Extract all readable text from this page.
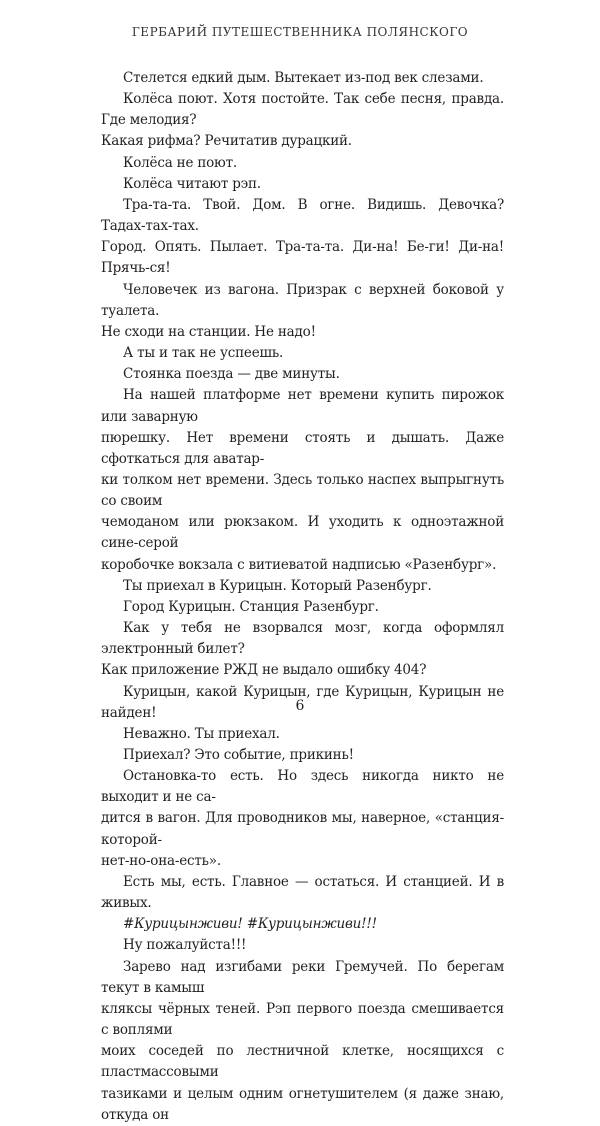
ГЕРБАРИЙ ПУТЕШЕСТВЕННИКА ПОЛЯНСКОГО

Стелется едкий дым. Вытекает из-под век слезами.

Колёса поют. Хотя постойте. Так себе песня, правда. Где мелодия?
Какая рифма? Речитатив дурацкий.

Колёса не поют.

Колёса читают рэп.

Тра-та-та. Твой. Дом. В огне. Видишь. Девочка? Тадах-тах-тах.
Город. Опять. Пылает. Тра-та-та. Ди-на! Бе-ги! Ди-на! Прячь-ся!

Человечек из вагона. Призрак с верхней боковой у туалета.
Не сходи на станции. Не надо!

А ты и так не успеешь.

Стоянка поезда — две минуты.

На нашей платформе нет времени купить пирожок или заварную
пюрешку. Нет времени стоять и дышать. Даже сфоткаться для аватар-
ки толком нет времени. Здесь только наспех выпрыгнуть со своим
чемоданом или рюкзаком. И уходить к одноэтажной сине-серой
коробочке вокзала с витиеватой надписью «Разенбург».

Ты приехал в Курицын. Который Разенбург.

Город Курицын. Станция Разенбург.

Как у тебя не взорвался мозг, когда оформлял электронный билет?
Как приложение РЖД не выдало ошибку 404?

Курицын, какой Курицын, где Курицын, Курицын не найден!

Неважно. Ты приехал.

Приехал? Это событие, прикинь!

Остановка-то есть. Но здесь никогда никто не выходит и не са-
дится в вагон. Для проводников мы, наверное, «станция-которой-
нет-но-она-есть».

Есть мы, есть. Главное — остаться. И станцией. И в живых.

#Курицынживи! #Курицынживи!!!

Ну пожалуйста!!!

Зарево над изгибами реки Гремучей. По берегам текут в камыш
кляксы чёрных теней. Рэп первого поезда смешивается с воплями
моих соседей по лестничной клетке, носящихся с пластмассовыми
тазиками и целым одним огнетушителем (я даже знаю, откуда он

6
